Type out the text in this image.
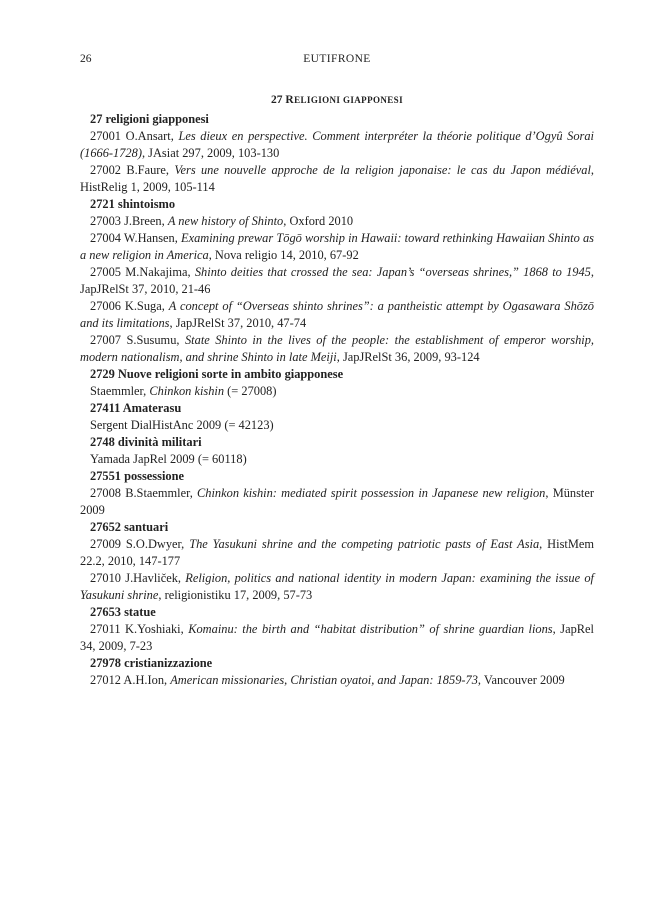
26	EUTIFRONE
27 RELIGIONI GIAPPONESI
27 religioni giapponesi
27001 O.Ansart, Les dieux en perspective. Comment interpréter la théorie politique d’Ogyû Sorai (1666-1728), JAsiat 297, 2009, 103-130
27002 B.Faure, Vers une nouvelle approche de la religion japonaise: le cas du Japon médiéval, HistRelig 1, 2009, 105-114
2721 shintoismo
27003 J.Breen, A new history of Shinto, Oxford 2010
27004 W.Hansen, Examining prewar Tōgō worship in Hawaii: toward rethinking Hawaiian Shinto as a new religion in America, Nova religio 14, 2010, 67-92
27005 M.Nakajima, Shinto deities that crossed the sea: Japan’s “overseas shrines,” 1868 to 1945, JapJRelSt 37, 2010, 21-46
27006 K.Suga, A concept of “Overseas shinto shrines”: a pantheistic attempt by Ogasawara Shōzō and its limitations, JapJRelSt 37, 2010, 47-74
27007 S.Susumu, State Shinto in the lives of the people: the establishment of emperor worship, modern nationalism, and shrine Shinto in late Meiji, JapJRelSt 36, 2009, 93-124
2729 Nuove religioni sorte in ambito giapponese
Staemmler, Chinkon kishin (= 27008)
27411 Amaterasu
Sergent DialHistAnc 2009 (= 42123)
2748 divinità militari
Yamada JapRel 2009 (= 60118)
27551 possessione
27008 B.Staemmler, Chinkon kishin: mediated spirit possession in Japanese new religion, Münster 2009
27652 santuari
27009 S.O.Dwyer, The Yasukuni shrine and the competing patriotic pasts of East Asia, HistMem 22.2, 2010, 147-177
27010 J.Havliček, Religion, politics and national identity in modern Japan: examining the issue of Yasukuni shrine, religionistiku 17, 2009, 57-73
27653 statue
27011 K.Yoshiaki, Komainu: the birth and “habitat distribution” of shrine guardian lions, JapRel 34, 2009, 7-23
27978 cristianizzazione
27012 A.H.Ion, American missionaries, Christian oyatoi, and Japan: 1859-73, Vancouver 2009
